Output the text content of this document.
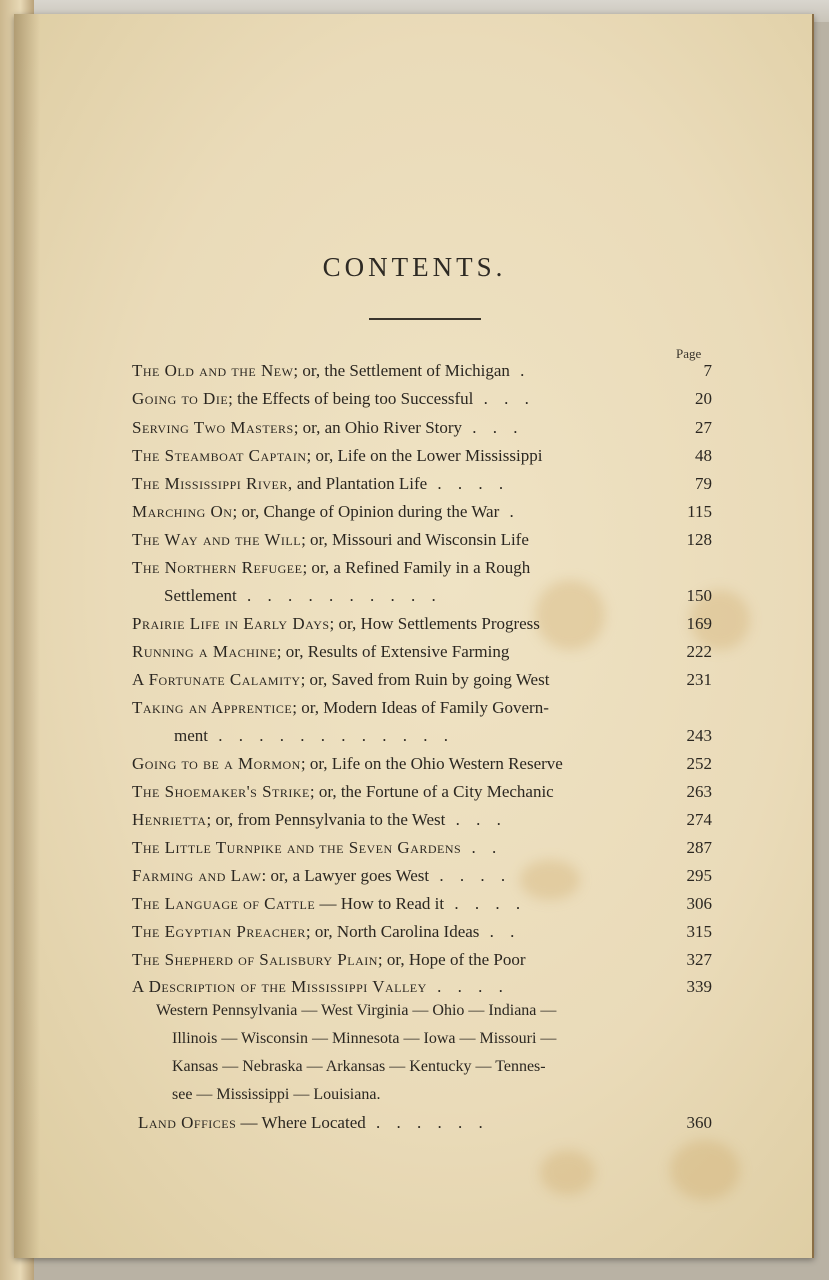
CONTENTS.
Page
The Old and the New; or, the Settlement of Michigan .	7
Going to Die; the Effects of being too Successful . . .	20
Serving Two Masters; or, an Ohio River Story . . .	27
The Steamboat Captain; or, Life on the Lower Mississippi	48
The Mississippi River, and Plantation Life . . . .	79
Marching On; or, Change of Opinion during the War .	115
The Way and the Will; or, Missouri and Wisconsin Life	128
The Northern Refugee; or, a Refined Family in a Rough
Settlement . . . . . . . . . .	150
Prairie Life in Early Days; or, How Settlements Progress	169
Running a Machine; or, Results of Extensive Farming	222
A Fortunate Calamity; or, Saved from Ruin by going West	231
Taking an Apprentice; or, Modern Ideas of Family Govern-
ment . . . . . . . . . . . .	243
Going to be a Mormon; or, Life on the Ohio Western Reserve	252
The Shoemaker's Strike; or, the Fortune of a City Mechanic	263
Henrietta; or, from Pennsylvania to the West . . .	274
The Little Turnpike and the Seven Gardens . .	287
Farming and Law: or, a Lawyer goes West . . . .	295
The Language of Cattle — How to Read it . . . .	306
The Egyptian Preacher; or, North Carolina Ideas . .	315
The Shepherd of Salisbury Plain; or, Hope of the Poor	327
A Description of the Mississippi Valley . . . .	339
Western Pennsylvania — West Virginia — Ohio — Indiana —
Illinois — Wisconsin — Minnesota — Iowa — Missouri —
Kansas — Nebraska — Arkansas — Kentucky — Tennes-
see — Mississippi — Louisiana.
Land Offices — Where Located . . . . . .	360
